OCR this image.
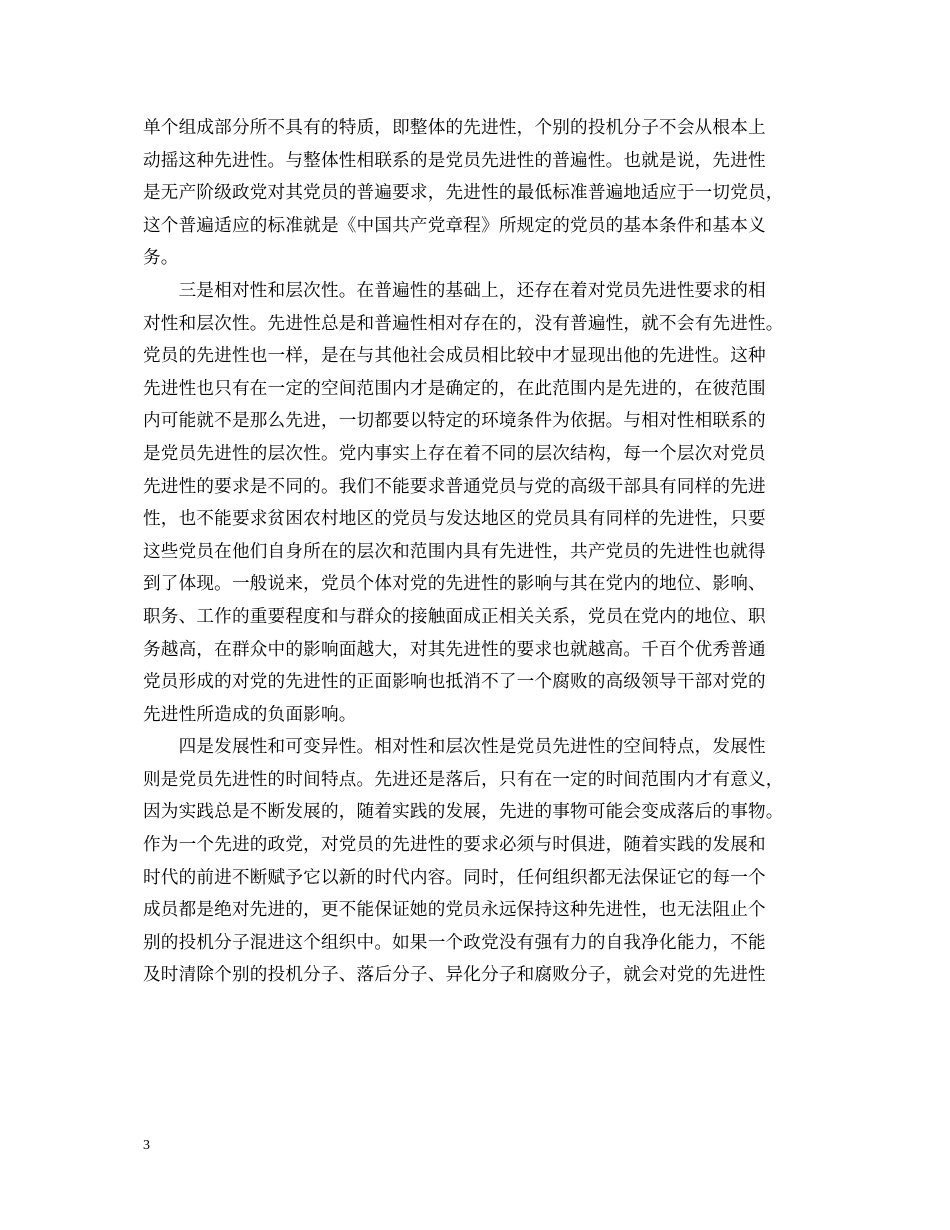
单个组成部分所不具有的特质，即整体的先进性，个别的投机分子不会从根本上
动摇这种先进性。与整体性相联系的是党员先进性的普遍性。也就是说，先进性
是无产阶级政党对其党员的普遍要求，先进性的最低标准普遍地适应于一切党员，
这个普遍适应的标准就是《中国共产党章程》所规定的党员的基本条件和基本义
务。

　　三是相对性和层次性。在普遍性的基础上，还存在着对党员先进性要求的相
对性和层次性。先进性总是和普遍性相对存在的，没有普遍性，就不会有先进性。
党员的先进性也一样，是在与其他社会成员相比较中才显现出他的先进性。这种
先进性也只有在一定的空间范围内才是确定的，在此范围内是先进的，在彼范围
内可能就不是那么先进，一切都要以特定的环境条件为依据。与相对性相联系的
是党员先进性的层次性。党内事实上存在着不同的层次结构，每一个层次对党员
先进性的要求是不同的。我们不能要求普通党员与党的高级干部具有同样的先进
性，也不能要求贫困农村地区的党员与发达地区的党员具有同样的先进性，只要
这些党员在他们自身所在的层次和范围内具有先进性，共产党员的先进性也就得
到了体现。一般说来，党员个体对党的先进性的影响与其在党内的地位、影响、
职务、工作的重要程度和与群众的接触面成正相关关系，党员在党内的地位、职
务越高，在群众中的影响面越大，对其先进性的要求也就越高。千百个优秀普通
党员形成的对党的先进性的正面影响也抵消不了一个腐败的高级领导干部对党的
先进性所造成的负面影响。

　　四是发展性和可变异性。相对性和层次性是党员先进性的空间特点，发展性
则是党员先进性的时间特点。先进还是落后，只有在一定的时间范围内才有意义，
因为实践总是不断发展的，随着实践的发展，先进的事物可能会变成落后的事物。
作为一个先进的政党，对党员的先进性的要求必须与时俱进，随着实践的发展和
时代的前进不断赋予它以新的时代内容。同时，任何组织都无法保证它的每一个
成员都是绝对先进的，更不能保证她的党员永远保持这种先进性，也无法阻止个
别的投机分子混进这个组织中。如果一个政党没有强有力的自我净化能力，不能
及时清除个别的投机分子、落后分子、异化分子和腐败分子，就会对党的先进性

3
